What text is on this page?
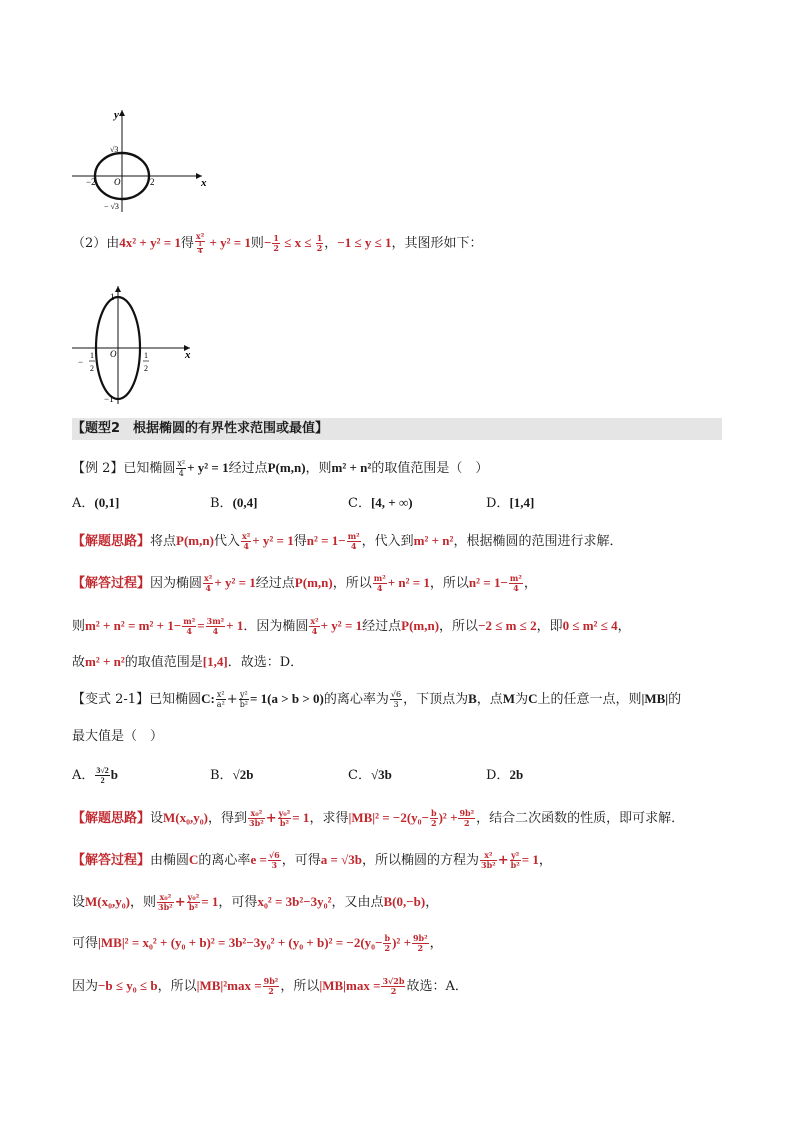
y
x
O
−2	2
√3
− √3
（2）由4x² + y² = 1得 $\frac{\text{x²}}{\frac{1}{4}} + y^2 = 1$则− $\frac{1}{2} \le x \le \frac{1}{2}$ ，−1 ≤ y ≤ 1，其图形如下：
1
−1
O	x
−
1
2
1
2
【题型2　根据椭圆的有界性求范围或最值】
【例 2】已知椭圆 $\frac{\text{x²}}{4} + y^2 = 1$经过点P(m,n)，则m² + n²的取值范围是（　）
A．(0,1]	B．(0,4]	C．[4, + ∞)	D．[1,4]
【解题思路】将点P(m,n)代入 $\frac{\text{x²}}{4} + y^2 = 1$得$n^2 = 1- \frac{\text{m²}}{4}$ ，代入到m² + n²，根据椭圆的范围进行求解．
【解答过程】因为椭圆 $\frac{\text{x²}}{4} + y^2 = 1$经过点P(m,n)，所以 $\frac{\text{m²}}{4} + n^2 = 1$，所以$n^2 = 1- \frac{\text{m²}}{4}$ ，
则$m^2 + n^2 = m^2 + 1- \frac{\text{m²}}{4} = \frac{\text{3m²}}{4} + 1$．因为椭圆 $\frac{\text{x²}}{4} + y^2 = 1$经过点P(m,n)，所以−2 ≤ m ≤ 2，即0 ≤ m² ≤ 4，
故m² + n²的取值范围是[1,4]．故选：D．
【变式 2-1】已知椭圆C: $\frac{\text{x²}}{\text{a²}} + \frac{\text{y²}}{\text{b²}} = 1(a > b > 0)$的离心率为 $\frac{√6}{3}$ ，下顶点为B，点M为C上的任意一点，则|MB|的
最大值是（　）
A． $\frac{3√2}{2}$ b	B．√2b	C．√3b	D．2b
【解题思路】设M(x₀,y₀)，得到 $\frac{\text{x₀²}}{\text{3b²}} + \frac{\text{y₀²}}{\text{b²}} = 1$，求得$|MB|^2 = -2(y_0- \frac{b}{2} )^2 + \frac{\text{9b²}}{2}$ ，结合二次函数的性质，即可求解．
【解答过程】由椭圆C的离心率$e = \frac{√6}{3}$ ，可得a = √3b，所以椭圆的方程为 $\frac{\text{x²}}{\text{3b²}} + \frac{\text{y²}}{\text{b²}} = 1$，
设M(x₀,y₀)，则 $\frac{\text{x₀²}}{\text{3b²}} + \frac{\text{y₀²}}{\text{b²}} = 1$，可得x₀² = 3b²−3y₀²，又由点B(0,−b)，
可得$|MB|^2 = x_0^2 + (y_0 + b)^2 = 3b^2-3y_0^2 + (y_0 + b)^2 = -2(y_0- \frac{b}{2} )^2 + \frac{\text{9b²}}{2}$ ，
因为−b ≤ y₀ ≤ b，所以$|MB|^2\max = \frac{\text{9b²}}{2}$ ，所以$|MB|\max = \frac{3√2b}{2}$ 故选：A．
